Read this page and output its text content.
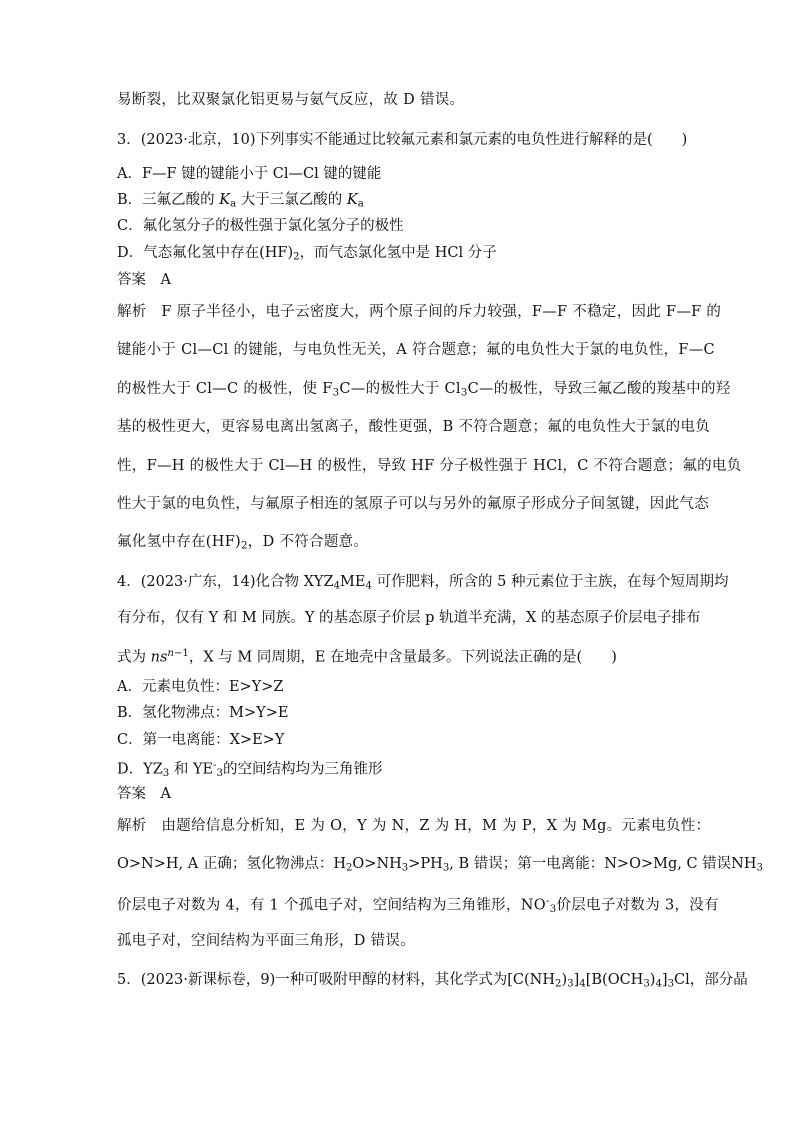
易断裂，比双聚氯化铝更易与氨气反应，故 D 错误。
3．(2023·北京，10)下列事实不能通过比较氟元素和氯元素的电负性进行解释的是(　　)
A．F—F 键的键能小于 Cl—Cl 键的键能
B．三氟乙酸的 $K_a$ 大于三氯乙酸的 $K_a$
C．氟化氢分子的极性强于氯化氢分子的极性
D．气态氟化氢中存在$(HF)_2$，而气态氯化氢中是 HCl 分子
答案　A
解析　F 原子半径小，电子云密度大，两个原子间的斥力较强，F—F 不稳定，因此 F—F 的
键能小于 Cl—Cl 的键能，与电负性无关，A 符合题意；氟的电负性大于氯的电负性，F—C
的极性大于 Cl—C 的极性，使 $F_3C—$的极性大于 $Cl_3C—$的极性，导致三氟乙酸的羧基中的羟
基的极性更大，更容易电离出氢离子，酸性更强，B 不符合题意；氟的电负性大于氯的电负
性，F—H 的极性大于 Cl—H 的极性，导致 HF 分子极性强于 HCl，C 不符合题意；氟的电负
性大于氯的电负性，与氟原子相连的氢原子可以与另外的氟原子形成分子间氢键，因此气态
氟化氢中存在$(HF)_2$，D 不符合题意。
4．(2023·广东，14)化合物 $XYZ_4ME_4$ 可作肥料，所含的 5 种元素位于主族，在每个短周期均
有分布，仅有 Y 和 M 同族。Y 的基态原子价层 p 轨道半充满，X 的基态原子价层电子排布
式为 $ns^{n-1}$，X 与 M 同周期，E 在地壳中含量最多。下列说法正确的是(　　)
A．元素电负性：E>Y>Z
B．氢化物沸点：M>Y>E
C．第一电离能：X>E>Y
D．$YZ_3$ 和 $YE^-_3$的空间结构均为三角锥形
答案　A
解析　由题给信息分析知，E 为 O，Y 为 N，Z 为 H，M 为 P，X 为 Mg。元素电负性：
O>N>H, A 正确；氢化物沸点：$H_2O>NH_3>PH_3$, B 错误；第一电离能：N>O>Mg, C 错误$NH_3$
价层电子对数为 4，有 1 个孤电子对，空间结构为三角锥形，$NO^-_3$价层电子对数为 3，没有
孤电子对，空间结构为平面三角形，D 错误。
5．(2023·新课标卷，9)一种可吸附甲醇的材料，其化学式为$[C(NH_2)_3]_4[B(OCH_3)_4]_3Cl$，部分晶
